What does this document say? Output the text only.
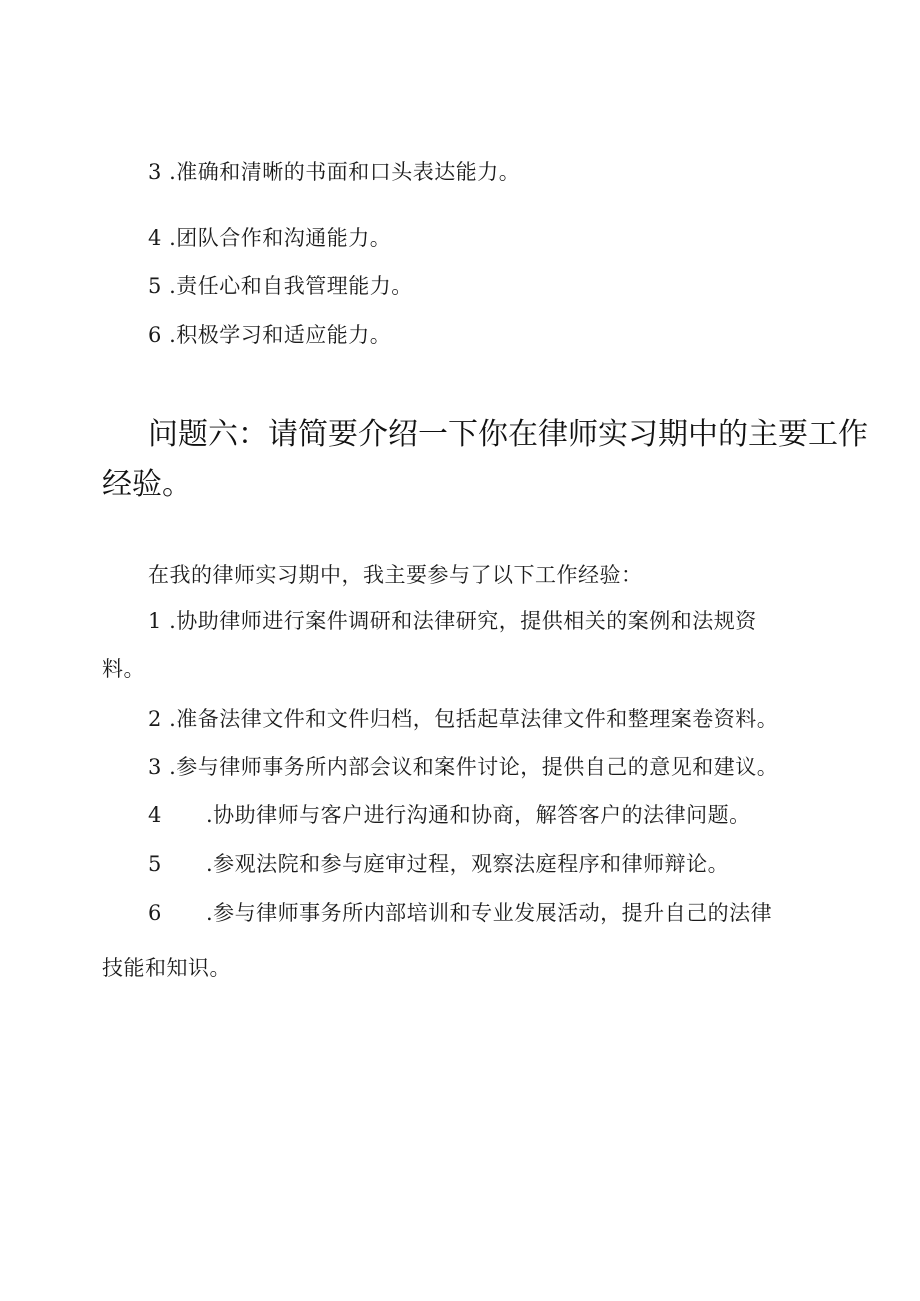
3 .准确和清晰的书面和口头表达能力。
4 .团队合作和沟通能力。
5 .责任心和自我管理能力。
6 .积极学习和适应能力。
问题六：请简要介绍一下你在律师实习期中的主要工作
经验。
在我的律师实习期中，我主要参与了以下工作经验：
1 .协助律师进行案件调研和法律研究，提供相关的案例和法规资
料。
2 .准备法律文件和文件归档，包括起草法律文件和整理案卷资料。
3 .参与律师事务所内部会议和案件讨论，提供自己的意见和建议。
4 .协助律师与客户进行沟通和协商，解答客户的法律问题。
5 .参观法院和参与庭审过程，观察法庭程序和律师辩论。
6 .参与律师事务所内部培训和专业发展活动，提升自己的法律
技能和知识。
